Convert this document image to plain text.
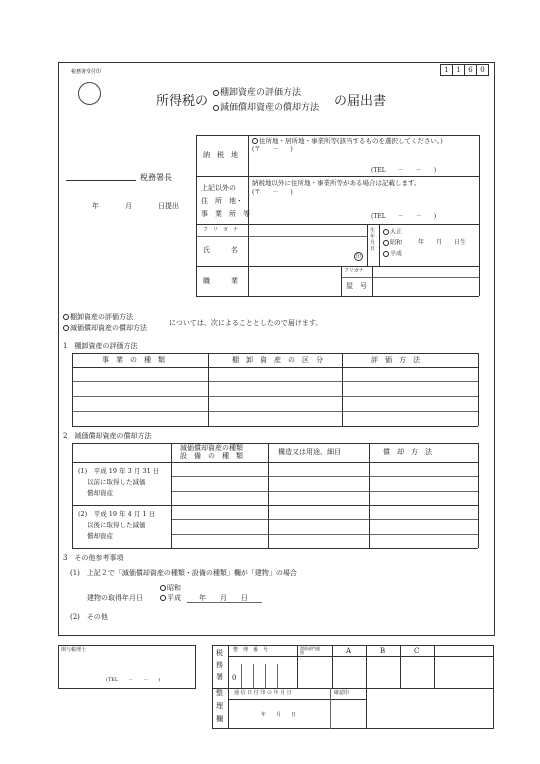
税務署受付印	1	1	6	0
所得税の
棚卸資産の評価方法
減価償却資産の償却方法 の届出書
税務署長
年	月	日提出
納　税　地
住所地・居所地・事業所等(該当するものを選択してください。)
(〒　　－　　)
(TEL　　－　　－　　)
上記以外の
住　所　地・
事　業　所　等
納税地以外に住所地・事業所等がある場合は記載します。
(〒　　－　　)
(TEL　　－　　－　　)
フ　リ　ガ　ナ
氏　　　名
印
生年月日
大正
昭和
平成
年　　月　　日生
職　　　業
フリガナ
屋　号
棚卸資産の評価方法
減価償却資産の償却方法
については、次によることとしたので届けます。
1　棚卸資産の評価方法
事　業　の　種　類	棚　卸　資　産　の　区　分	評　価　方　法
2　減価償却資産の償却方法
減価償却資産の種類
設　備　の　種　類	構造又は用途、細目	償　却　方　法
(1)　平成 19 年 3 月 31 日
以前に取得した減価
償却資産
(2)　平成 19 年 4 月 1 日
以後に取得した減価
償却資産
3　その他参考事項
(1)　上記２で「減価償却資産の種類・設備の種類」欄が「建物」の場合
昭和
建物の取得年月日	平成	年　　月　　日
(2)　その他
関与税理士
(TEL　　－　　－　　)
税
務
署
整
理
欄
整　理　番　号	関係部門連　　絡	A	B	C
0
通 信 日 付 印 の 年 月 日	確認印
年　　月　　日
